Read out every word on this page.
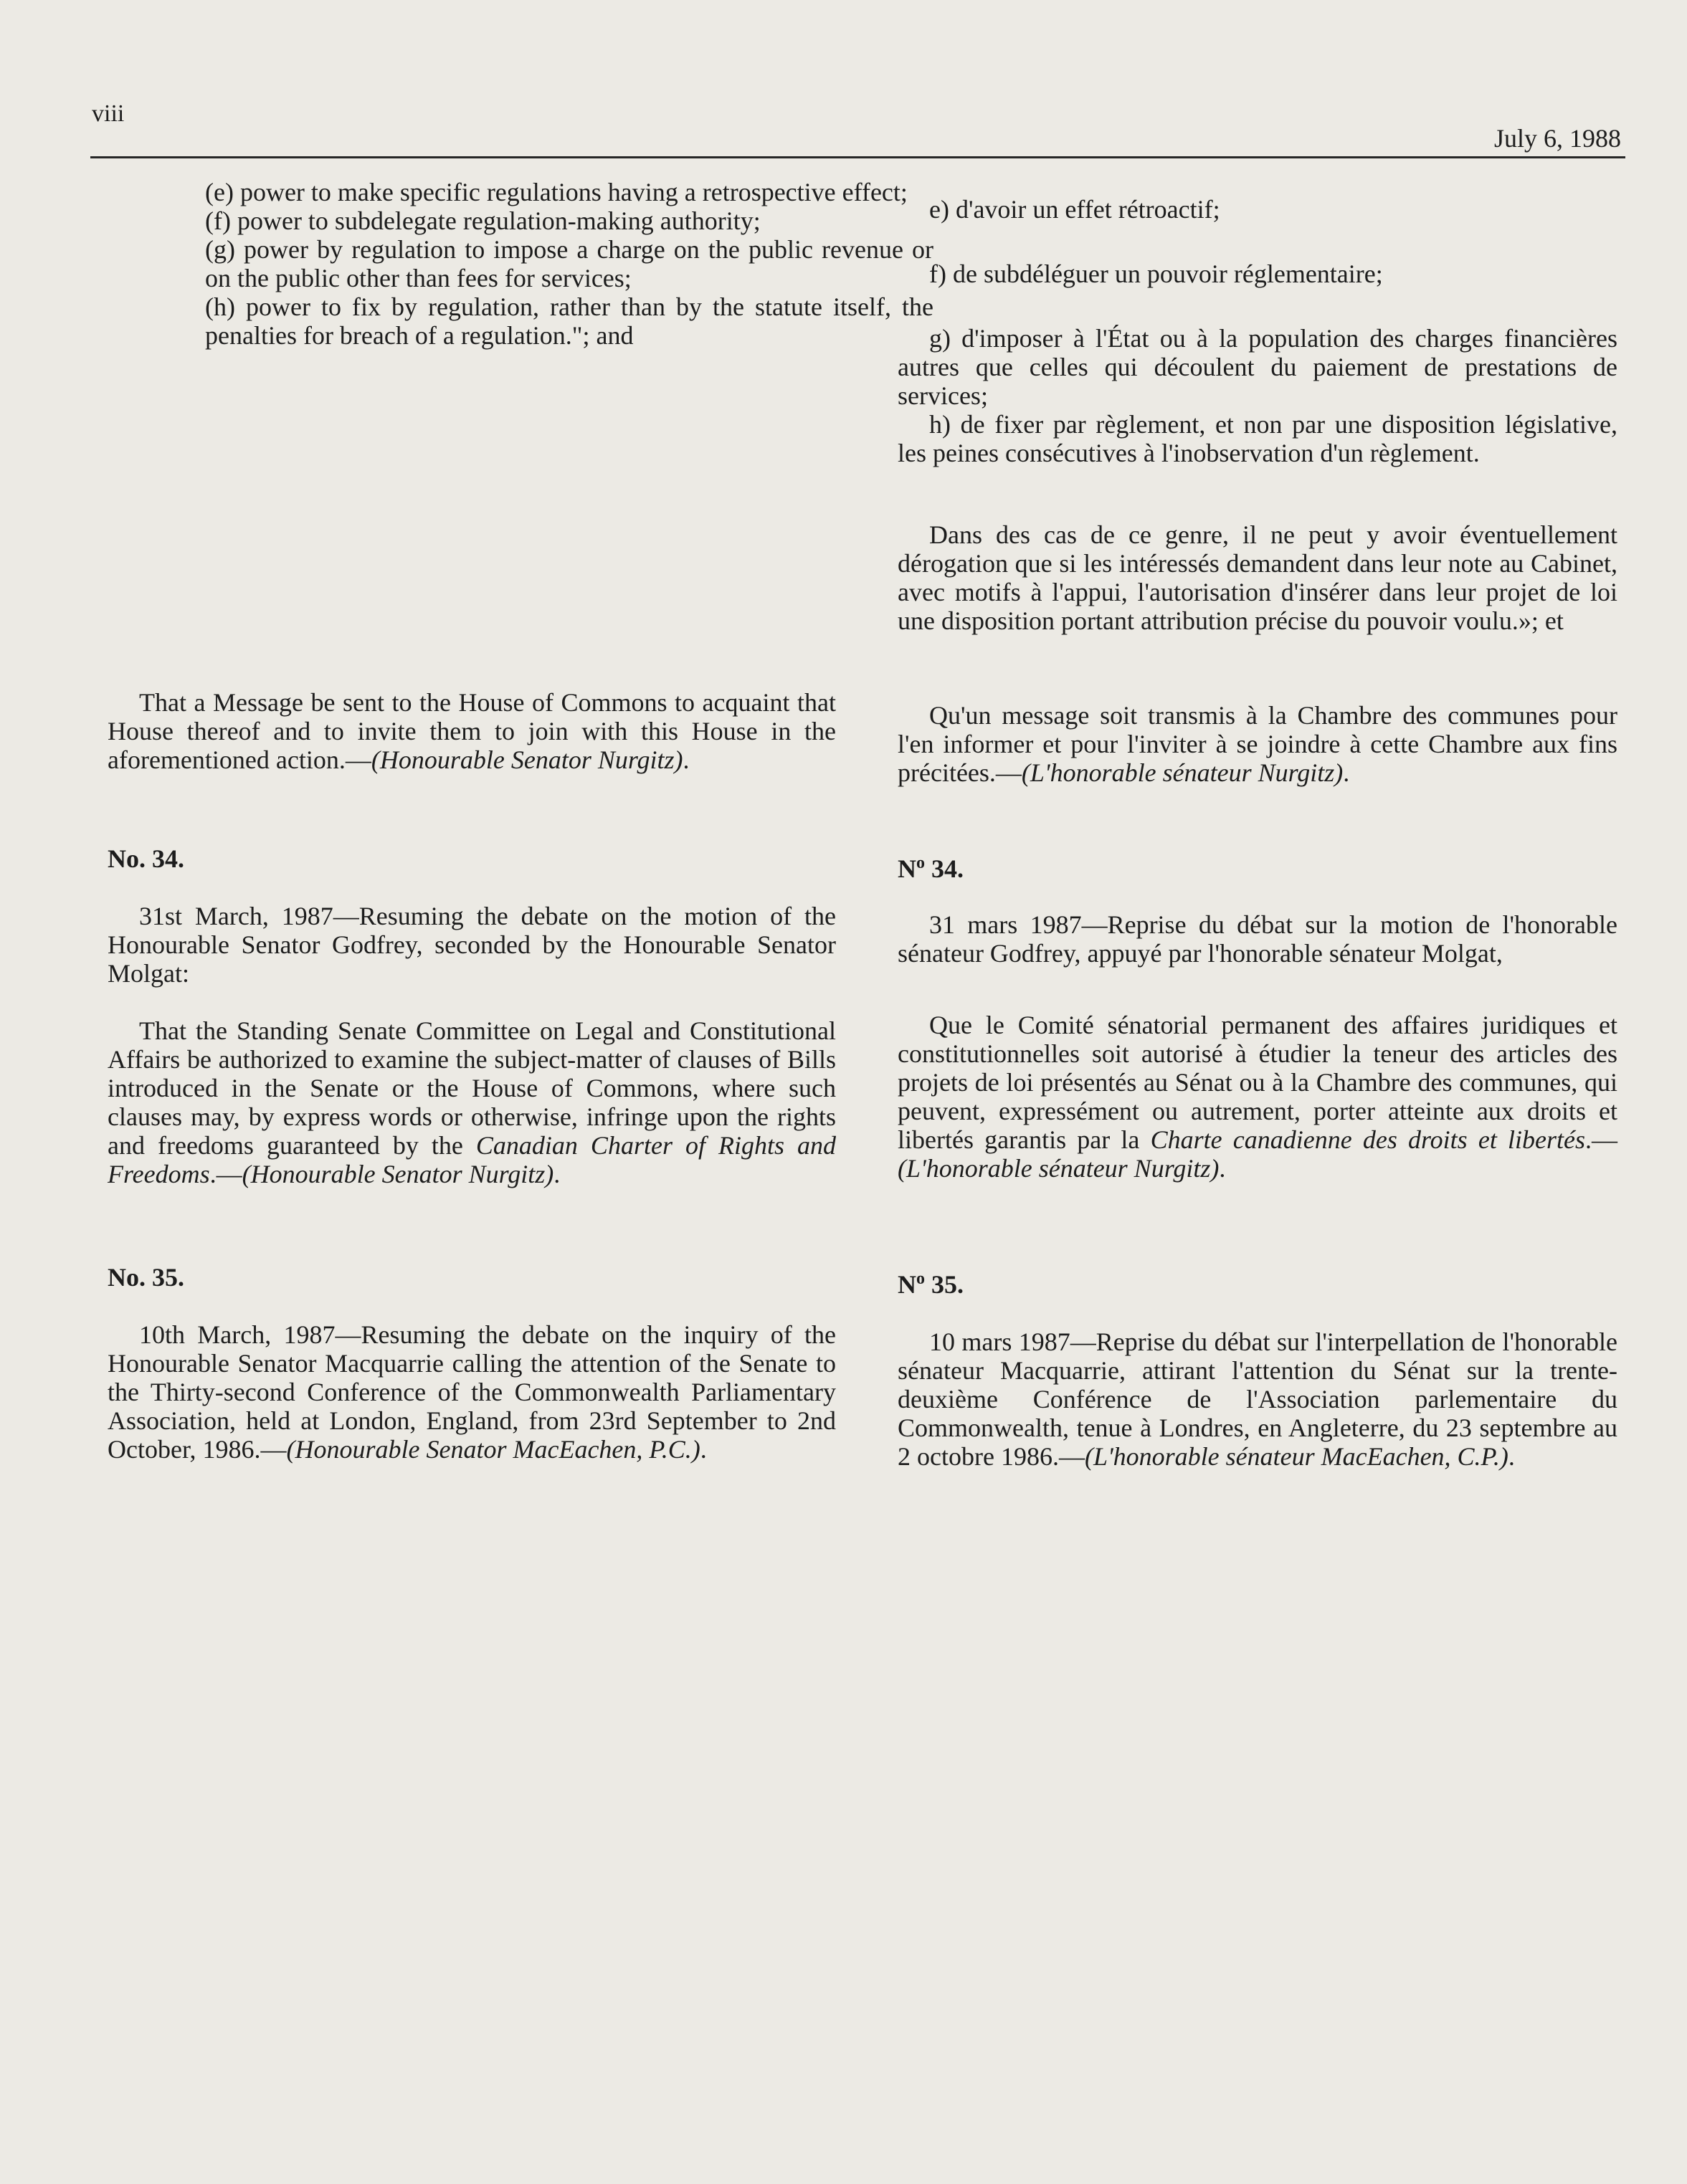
viii
July 6, 1988

(e) power to make specific regulations having a retrospective effect;

(f) power to subdelegate regulation-making authority;

(g) power by regulation to impose a charge on the public revenue or on the public other than fees for services;

(h) power to fix by regulation, rather than by the statute itself, the penalties for breach of a regulation."; and

That a Message be sent to the House of Commons to acquaint that House thereof and to invite them to join with this House in the aforementioned action.—(Honourable Senator Nurgitz).

No. 34.

31st March, 1987—Resuming the debate on the motion of the Honourable Senator Godfrey, seconded by the Honourable Senator Molgat:

That the Standing Senate Committee on Legal and Constitutional Affairs be authorized to examine the subject-matter of clauses of Bills introduced in the Senate or the House of Commons, where such clauses may, by express words or otherwise, infringe upon the rights and freedoms guaranteed by the Canadian Charter of Rights and Freedoms.—(Honourable Senator Nurgitz).

No. 35.

10th March, 1987—Resuming the debate on the inquiry of the Honourable Senator Macquarrie calling the attention of the Senate to the Thirty-second Conference of the Commonwealth Parliamentary Association, held at London, England, from 23rd September to 2nd October, 1986.—(Honourable Senator MacEachen, P.C.).

e) d'avoir un effet rétroactif;

f) de subdéléguer un pouvoir réglementaire;

g) d'imposer à l'État ou à la population des charges financières autres que celles qui découlent du paiement de prestations de services;

h) de fixer par règlement, et non par une disposition législative, les peines consécutives à l'inobservation d'un règlement.

Dans des cas de ce genre, il ne peut y avoir éventuellement dérogation que si les intéressés demandent dans leur note au Cabinet, avec motifs à l'appui, l'autorisation d'insérer dans leur projet de loi une disposition portant attribution précise du pouvoir voulu.»; et

Qu'un message soit transmis à la Chambre des communes pour l'en informer et pour l'inviter à se joindre à cette Chambre aux fins précitées.—(L'honorable sénateur Nurgitz).

$N^o$ 34.

31 mars 1987—Reprise du débat sur la motion de l'honorable sénateur Godfrey, appuyé par l'honorable sénateur Molgat,

Que le Comité sénatorial permanent des affaires juridiques et constitutionnelles soit autorisé à étudier la teneur des articles des projets de loi présentés au Sénat ou à la Chambre des communes, qui peuvent, expressément ou autrement, porter atteinte aux droits et libertés garantis par la Charte canadienne des droits et libertés.—(L'honorable sénateur Nurgitz).

$N^o$ 35.

10 mars 1987—Reprise du débat sur l'interpellation de l'honorable sénateur Macquarrie, attirant l'attention du Sénat sur la trente-deuxième Conférence de l'Association parlementaire du Commonwealth, tenue à Londres, en Angleterre, du 23 septembre au 2 octobre 1986.—(L'honorable sénateur MacEachen, C.P.).
